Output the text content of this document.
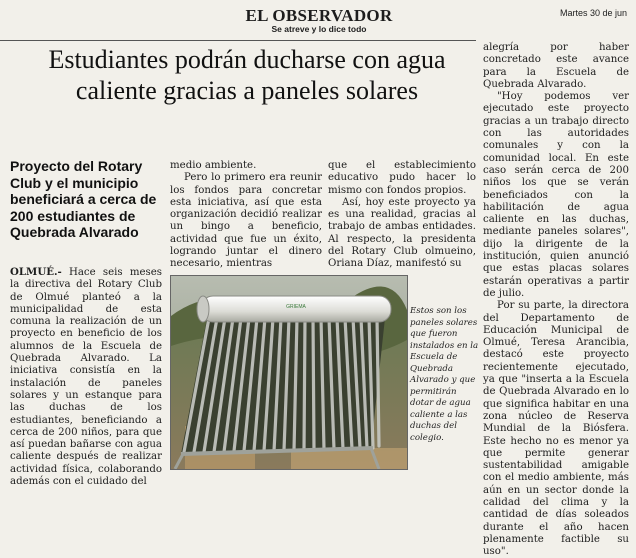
EL OBSERVADOR
Se atreve y lo dice todo
Martes 30 de jun
Estudiantes podrán ducharse con agua caliente gracias a paneles solares
Proyecto del Rotary Club y el municipio beneficiará a cerca de 200 estudiantes de Quebrada Alvarado

OLMUÉ.- Hace seis meses la directiva del Rotary Club de Olmué planteó a la municipalidad de esta comuna la realización de un proyecto en beneficio de los alumnos de la Escuela de Quebrada Alvarado. La iniciativa consistía en la instalación de paneles solares y un estanque para las duchas de los estudiantes, beneficiando a cerca de 200 niños, para que así puedan bañarse con agua caliente después de realizar actividad física, colaborando además con el cuidado del

medio ambiente.

Pero lo primero era reunir los fondos para concretar esta iniciativa, así que esta organización decidió realizar un bingo a beneficio, actividad que fue un éxito, logrando juntar el dinero necesario, mientras

que el establecimiento educativo pudo hacer lo mismo con fondos propios.

Así, hoy este proyecto ya es una realidad, gracias al trabajo de ambas entidades. Al respecto, la presidenta del Rotary Club olmueino, Oriana Díaz, manifestó su

alegría por haber concretado este avance para la Escuela de Quebrada Alvarado.

"Hoy podemos ver ejecutado este proyecto gracias a un trabajo directo con las autoridades comunales y con la comunidad local. En este caso serán cerca de 200 niños los que se verán beneficiados con la habilitación de agua caliente en las duchas, mediante paneles solares", dijo la dirigente de la institución, quien anunció que estas placas solares estarán operativas a partir de julio.

Por su parte, la directora del Departamento de Educación Municipal de Olmué, Teresa Arancibia, destacó este proyecto recientemente ejecutado, ya que "inserta a la Escuela de Quebrada Alvarado en lo que significa habitar en una zona núcleo de Reserva Mundial de la Biósfera. Este hecho no es menor ya que permite generar sustentabilidad amigable con el medio ambiente, más aún en un sector donde la calidad del clima y la cantidad de días soleados durante el año hacen plenamente factible su uso".

GRIEMA	Estos son los paneles solares que fueron instalados en la Escuela de Quebrada Alvarado y que permitirán dotar de agua caliente a las duchas del colegio.
